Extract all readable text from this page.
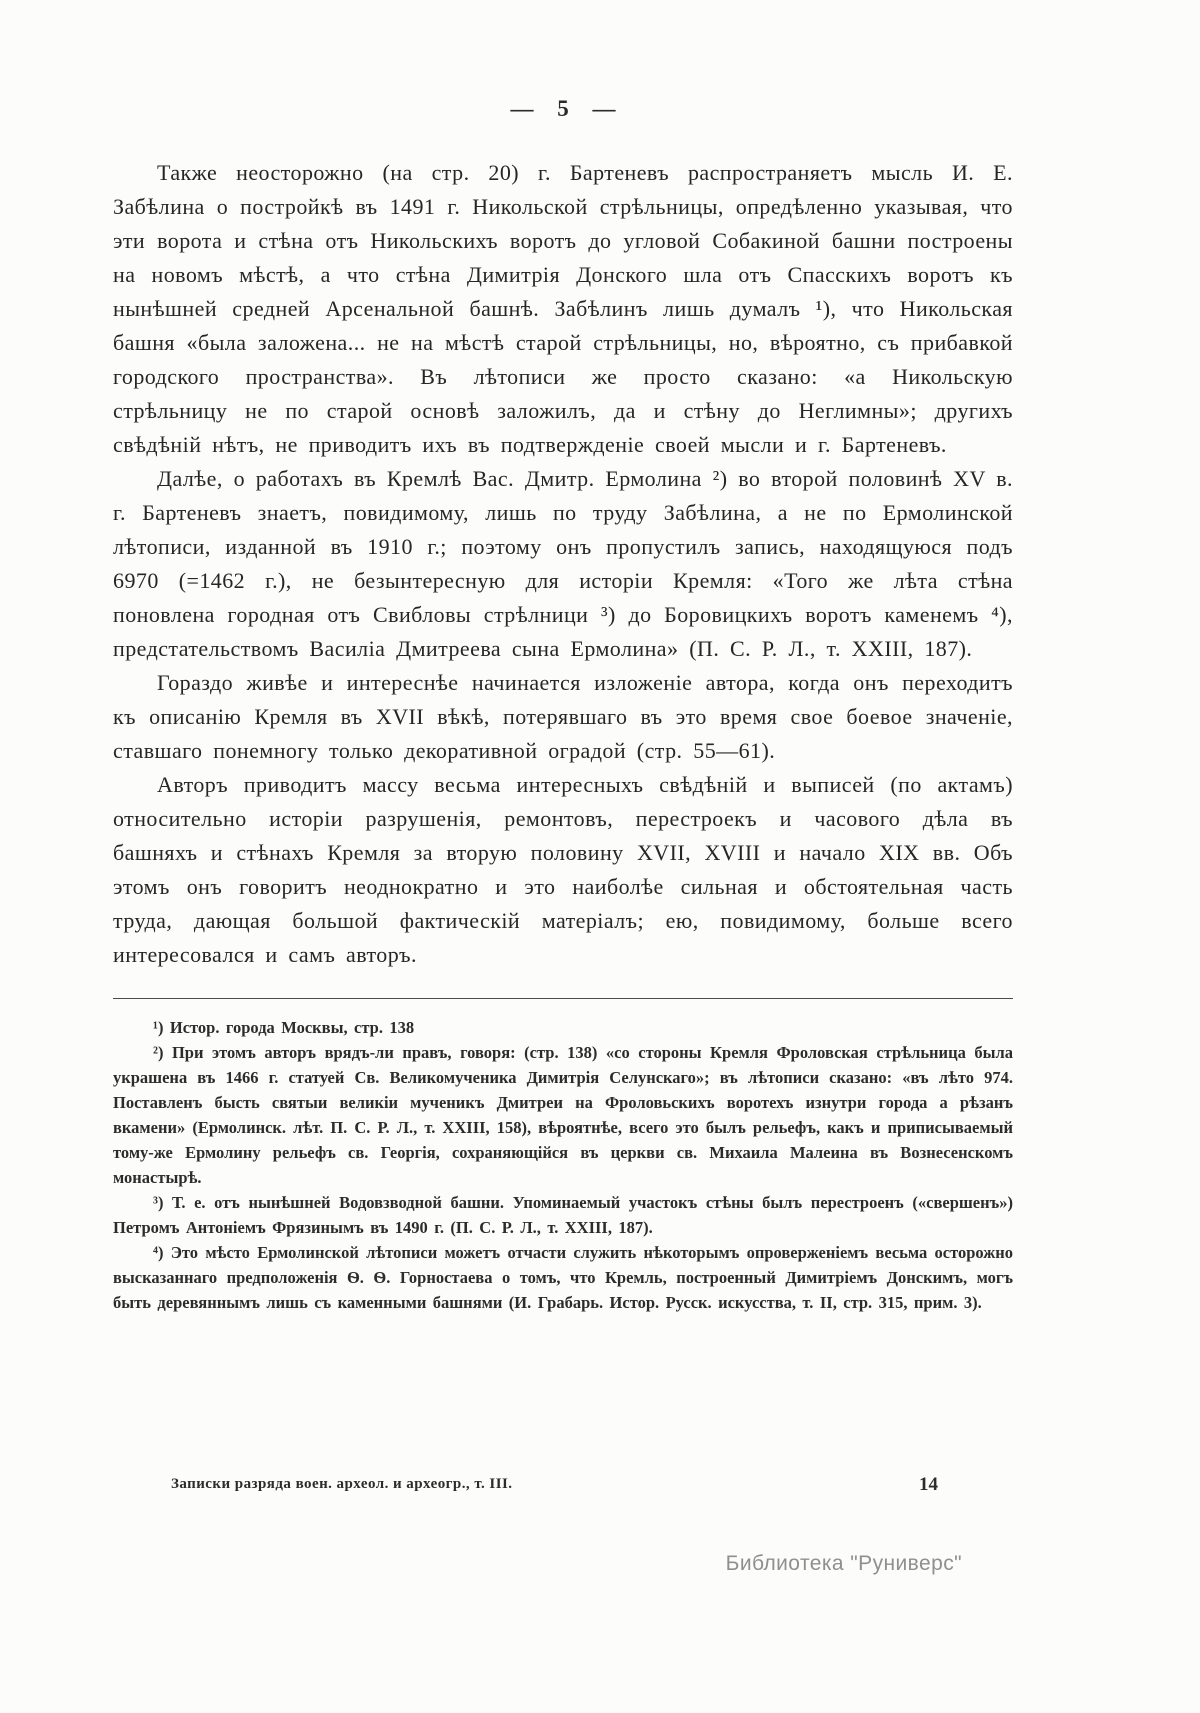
— 5 —

Также неосторожно (на стр. 20) г. Бартеневъ распространяетъ мысль И. Е. Забѣлина о постройкѣ въ 1491 г. Никольской стрѣльницы, опредѣленно указывая, что эти ворота и стѣна отъ Никольскихъ воротъ до угловой Собакиной башни построены на новомъ мѣстѣ, а что стѣна Димитрія Донского шла отъ Спасскихъ воротъ къ нынѣшней средней Арсенальной башнѣ. Забѣлинъ лишь думалъ ¹), что Никольская башня «была заложена... не на мѣстѣ старой стрѣльницы, но, вѣроятно, съ прибавкой городского пространства». Въ лѣтописи же просто сказано: «а Никольскую стрѣльницу не по старой основѣ заложилъ, да и стѣну до Неглимны»; другихъ свѣдѣній нѣтъ, не приводитъ ихъ въ подтвержденіе своей мысли и г. Бартеневъ.

Далѣе, о работахъ въ Кремлѣ Вас. Дмитр. Ермолина ²) во второй половинѣ XV в. г. Бартеневъ знаетъ, повидимому, лишь по труду Забѣлина, а не по Ермолинской лѣтописи, изданной въ 1910 г.; поэтому онъ пропустилъ запись, находящуюся подъ 6970 (=1462 г.), не безынтересную для исторіи Кремля: «Того же лѣта стѣна поновлена городная отъ Свибловы стрѣлници ³) до Боровицкихъ воротъ каменемъ ⁴), предстательствомъ Василіа Дмитреева сына Ермолина» (П. С. Р. Л., т. XXIII, 187).

Гораздо живѣе и интереснѣе начинается изложеніе автора, когда онъ переходитъ къ описанію Кремля въ XVII вѣкѣ, потерявшаго въ это время свое боевое значеніе, ставшаго понемногу только декоративной оградой (стр. 55—61).

Авторъ приводитъ массу весьма интересныхъ свѣдѣній и выписей (по актамъ) относительно исторіи разрушенія, ремонтовъ, перестроекъ и часового дѣла въ башняхъ и стѣнахъ Кремля за вторую половину XVII, XVIII и начало XIX вв. Объ этомъ онъ говоритъ неоднократно и это наиболѣе сильная и обстоятельная часть труда, дающая большой фактическій матеріалъ; ею, повидимому, больше всего интересовался и самъ авторъ.

¹) Истор. города Москвы, стр. 138

²) При этомъ авторъ врядъ-ли правъ, говоря: (стр. 138) «со стороны Кремля Фроловская стрѣльница была украшена въ 1466 г. статуей Св. Великомученика Димитрія Селунскаго»; въ лѣтописи сказано: «въ лѣто 974. Поставленъ бысть святыи великіи мученикъ Дмитреи на Фроловьскихъ воротехъ изнутри города а рѣзанъ вкамени» (Ермолинск. лѣт. П. С. Р. Л., т. XXIII, 158), вѣроятнѣе, всего это былъ рельефъ, какъ и приписываемый тому-же Ермолину рельефъ св. Георгія, сохраняющійся въ церкви св. Михаила Малеина въ Вознесенскомъ монастырѣ.

³) Т. е. отъ нынѣшней Водовзводной башни. Упоминаемый участокъ стѣны былъ перестроенъ («свершенъ») Петромъ Антоніемъ Фрязинымъ въ 1490 г. (П. С. Р. Л., т. XXIII, 187).

⁴) Это мѣсто Ермолинской лѣтописи можетъ отчасти служить нѣкоторымъ опроверженіемъ весьма осторожно высказаннаго предположенія Ѳ. Ѳ. Горностаева о томъ, что Кремль, построенный Димитріемъ Донскимъ, могъ быть деревяннымъ лишь съ каменными башнями (И. Грабарь. Истор. Русск. искусства, т. II, стр. 315, прим. 3).

Записки разряда воен. археол. и археогр., т. III.	14
Библиотека "Руниверс"
